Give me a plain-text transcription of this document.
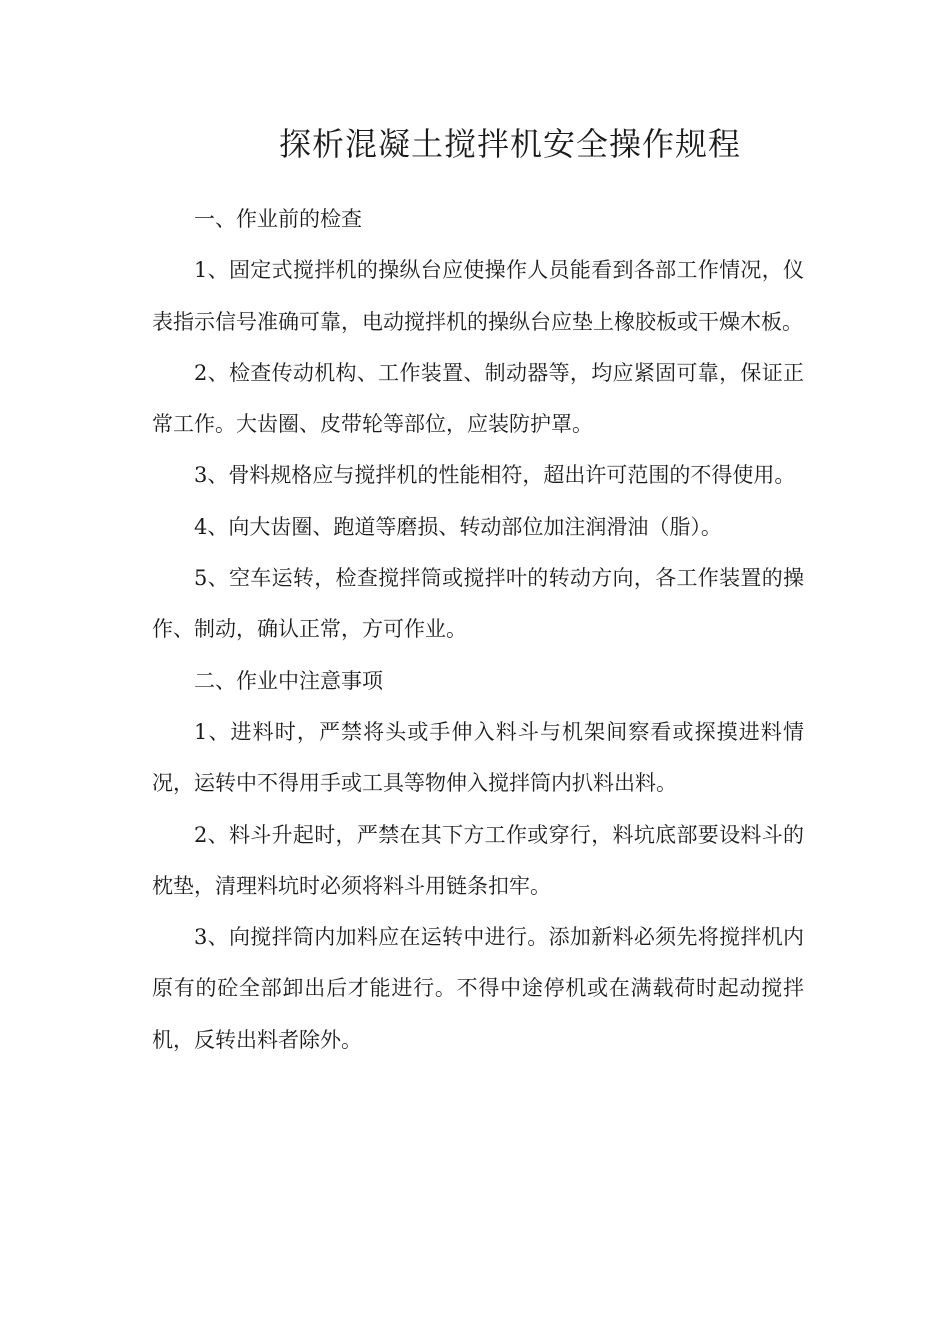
探析混凝土搅拌机安全操作规程

一、作业前的检查

1、固定式搅拌机的操纵台应使操作人员能看到各部工作情况，仪表指示信号准确可靠，电动搅拌机的操纵台应垫上橡胶板或干燥木板。

2、检查传动机构、工作装置、制动器等，均应紧固可靠，保证正常工作。大齿圈、皮带轮等部位，应装防护罩。

3、骨料规格应与搅拌机的性能相符，超出许可范围的不得使用。

4、向大齿圈、跑道等磨损、转动部位加注润滑油（脂）。

5、空车运转，检查搅拌筒或搅拌叶的转动方向，各工作装置的操作、制动，确认正常，方可作业。

二、作业中注意事项

1、进料时，严禁将头或手伸入料斗与机架间察看或探摸进料情况，运转中不得用手或工具等物伸入搅拌筒内扒料出料。

2、料斗升起时，严禁在其下方工作或穿行，料坑底部要设料斗的枕垫，清理料坑时必须将料斗用链条扣牢。

3、向搅拌筒内加料应在运转中进行。添加新料必须先将搅拌机内原有的砼全部卸出后才能进行。不得中途停机或在满载荷时起动搅拌机，反转出料者除外。
